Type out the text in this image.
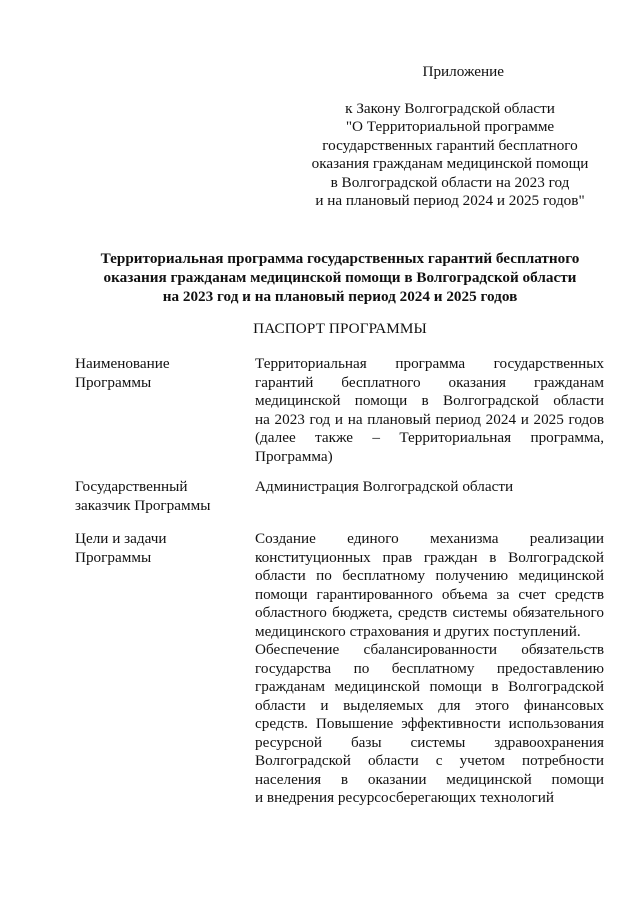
Приложение
к Закону Волгоградской области
"О Территориальной программе
государственных гарантий бесплатного
оказания гражданам медицинской помощи
в Волгоградской области на 2023 год
и на плановый период 2024 и 2025 годов"
Территориальная программа государственных гарантий бесплатного
оказания гражданам медицинской помощи в Волгоградской области
на 2023 год и на плановый период 2024 и 2025 годов
ПАСПОРТ ПРОГРАММЫ
Наименование
Программы
Территориальная программа государственных
гарантий бесплатного оказания гражданам
медицинской помощи в Волгоградской области
на 2023 год и на плановый период 2024 и 2025 годов
(далее также – Территориальная программа,
Программа)
Государственный
заказчик Программы
Администрация Волгоградской области
Цели и задачи
Программы
Создание единого механизма реализации
конституционных прав граждан в Волгоградской
области по бесплатному получению медицинской
помощи гарантированного объема за счет средств
областного бюджета, средств системы обязательного
медицинского страхования и других поступлений.
Обеспечение сбалансированности обязательств
государства по бесплатному предоставлению
гражданам медицинской помощи в Волгоградской
области и выделяемых для этого финансовых
средств. Повышение эффективности использования
ресурсной базы системы здравоохранения
Волгоградской области с учетом потребности
населения в оказании медицинской помощи
и внедрения ресурсосберегающих технологий
